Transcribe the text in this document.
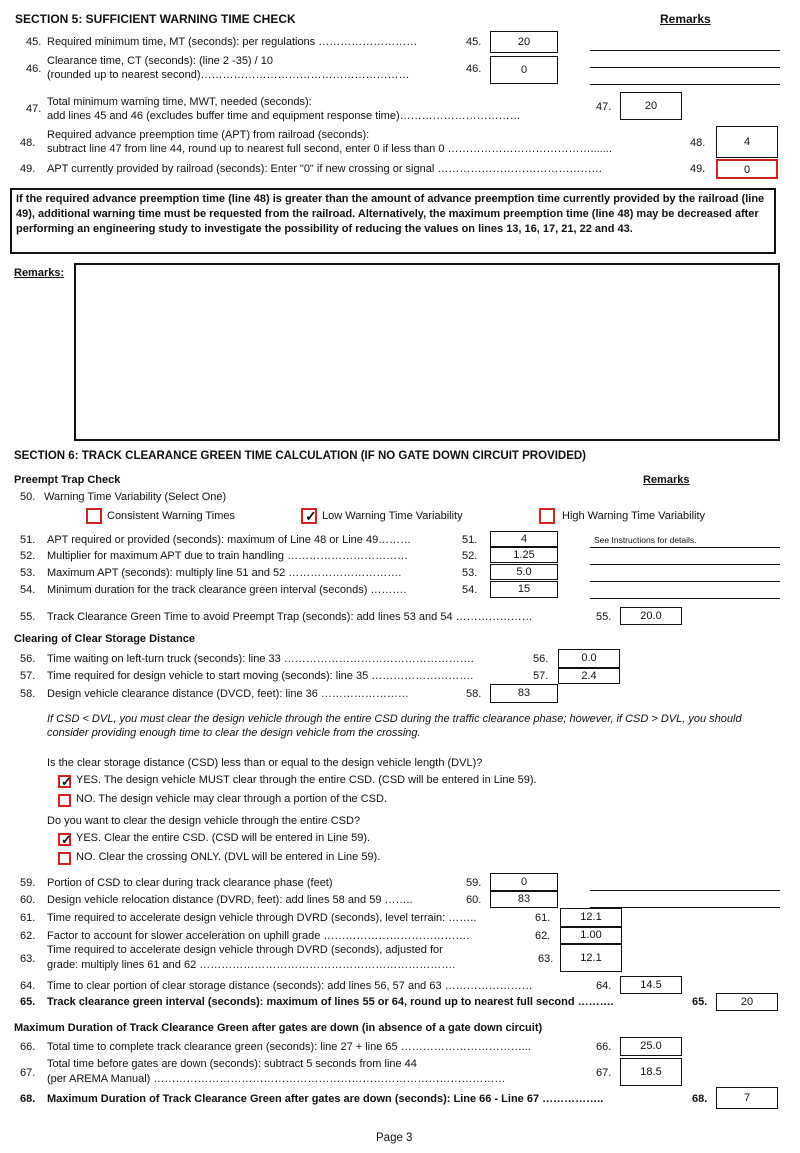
SECTION 5: SUFFICIENT WARNING TIME CHECK	Remarks
45. Required minimum time, MT (seconds): per regulations ………………………	45.	20
46.
Clearance time, CT (seconds): (line 2 -35) / 10
(rounded up to nearest second)…………………………………………………	46.	0
47.
Total minimum warning time, MWT, needed (seconds):
add lines 45 and 46 (excludes buffer time and equipment response time)……………………………
47.	20
48.
Required advance preemption time (APT) from railroad (seconds):
subtract line 47 from line 44, round up to nearest full second, enter 0 if less than 0 ………………………………….......	48.	4
49. APT currently provided by railroad (seconds): Enter "0" if new crossing or signal ………………………………………	49.	0
If the required advance preemption time (line 48) is greater than the amount of advance preemption time currently provided by the railroad (line 49), additional warning time must be requested from the railroad. Alternatively, the maximum preemption time (line 48) may be decreased after performing an engineering study to investigate the possibility of reducing the values on lines 13, 16, 17, 21, 22 and 43.
Remarks:
SECTION 6: TRACK CLEARANCE GREEN TIME CALCULATION (IF NO GATE DOWN CIRCUIT PROVIDED)
Preempt Trap Check	Remarks
50. Warning Time Variability (Select One)
Consistent Warning Times	✓ Low Warning Time Variability	High Warning Time Variability
51. APT required or provided (seconds): maximum of Line 48 or Line 49………	51.	4	See Instructions for details.
52. Multiplier for maximum APT due to train handling ……………………………	52.	1.25
53. Maximum APT (seconds): multiply line 51 and 52 ………………………….	53.	5.0
54. Minimum duration for the track clearance green interval (seconds) ……….	54.	15
55. Track Clearance Green Time to avoid Preempt Trap (seconds): add lines 53 and 54 …………………	55.	20.0
Clearing of Clear Storage Distance
56. Time waiting on left-turn truck (seconds): line 33 …………………………………………….	56.	0.0
57. Time required for design vehicle to start moving (seconds): line 35 ……………………….	57.	2.4
58. Design vehicle clearance distance (DVCD, feet): line 36 ……………………	58.	83
If CSD < DVL, you must clear the design vehicle through the entire CSD during the traffic clearance phase; however, if CSD > DVL, you should consider providing enough time to clear the design vehicle from the crossing.
Is the clear storage distance (CSD) less than or equal to the design vehicle length (DVL)?
✓ YES. The design vehicle MUST clear through the entire CSD. (CSD will be entered in Line 59).
NO. The design vehicle may clear through a portion of the CSD.
Do you want to clear the design vehicle through the entire CSD?
✓ YES. Clear the entire CSD. (CSD will be entered in Line 59).
NO. Clear the crossing ONLY. (DVL will be entered in Line 59).
59. Portion of CSD to clear during track clearance phase (feet)	59.	0
60. Design vehicle relocation distance (DVRD, feet): add lines 58 and 59 ……..	60.	83
61. Time required to accelerate design vehicle through DVRD (seconds), level terrain: ……..	61.	12.1
62. Factor to account for slower acceleration on uphill grade ………………………………….	62.	1.00
63.
Time required to accelerate design vehicle through DVRD (seconds), adjusted for
grade: multiply lines 61 and 62 …………………………………………………………….	63.	12.1
64. Time to clear portion of clear storage distance (seconds): add lines 56, 57 and 63 ……………………	64.	14.5
65. Track clearance green interval (seconds): maximum of lines 55 or 64, round up to nearest full second ……….	65.	20
Maximum Duration of Track Clearance Green after gates are down (in absence of a gate down circuit)
66. Total time to complete track clearance green (seconds): line 27 + line 65 ……………………………...	66.	25.0
67.
Total time before gates are down (seconds): subtract 5 seconds from line 44
(per AREMA Manual) ……………………………………………………………………………………	67.	18.5
68. Maximum Duration of Track Clearance Green after gates are down (seconds): Line 66 - Line 67 ……………..	68.	7
Page 3
